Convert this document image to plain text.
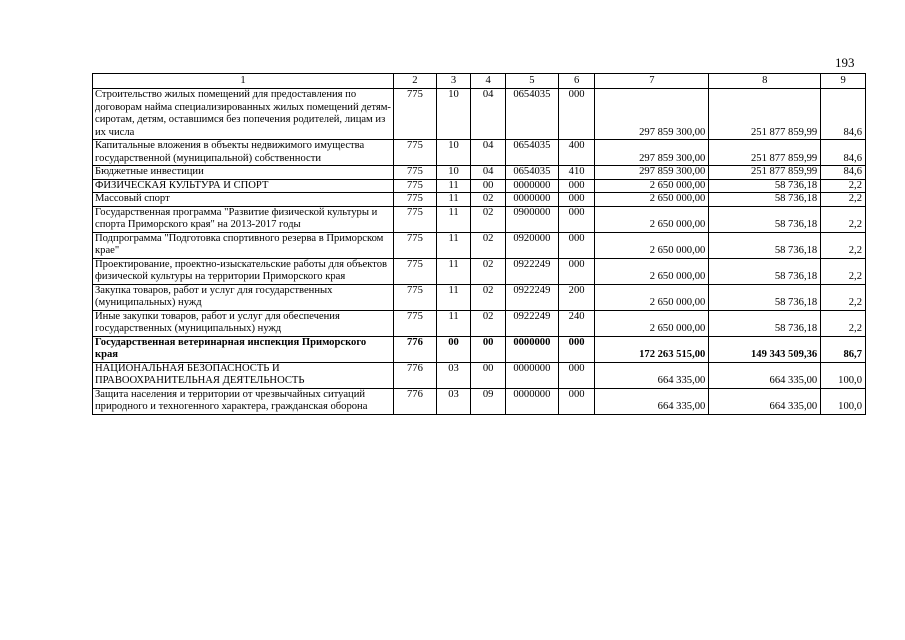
193
1	2	3	4	5	6	7	8	9
Строительство жилых помещений для предоставления по договорам найма специализированных жилых помещений детям-сиротам, детям, оставшимся без попечения родителей, лицам из их числа	775	10	04	0654035	000	297 859 300,00	251 877 859,99	84,6
Капитальные вложения в объекты недвижимого имущества государственной (муниципальной) собственности	775	10	04	0654035	400	297 859 300,00	251 877 859,99	84,6
Бюджетные инвестиции	775	10	04	0654035	410	297 859 300,00	251 877 859,99	84,6
ФИЗИЧЕСКАЯ КУЛЬТУРА И СПОРТ	775	11	00	0000000	000	2 650 000,00	58 736,18	2,2
Массовый спорт	775	11	02	0000000	000	2 650 000,00	58 736,18	2,2
Государственная программа "Развитие физической культуры и спорта Приморского края" на 2013-2017 годы	775	11	02	0900000	000	2 650 000,00	58 736,18	2,2
Подпрограмма "Подготовка спортивного резерва в Приморском крае"	775	11	02	0920000	000	2 650 000,00	58 736,18	2,2
Проектирование, проектно-изыскательские работы для объектов физической культуры на территории Приморского края	775	11	02	0922249	000	2 650 000,00	58 736,18	2,2
Закупка товаров, работ и услуг для государственных (муниципальных) нужд	775	11	02	0922249	200	2 650 000,00	58 736,18	2,2
Иные закупки товаров, работ и услуг для обеспечения государственных (муниципальных) нужд	775	11	02	0922249	240	2 650 000,00	58 736,18	2,2
Государственная ветеринарная инспекция Приморского края	776	00	00	0000000	000	172 263 515,00	149 343 509,36	86,7
НАЦИОНАЛЬНАЯ БЕЗОПАСНОСТЬ И ПРАВООХРАНИТЕЛЬНАЯ ДЕЯТЕЛЬНОСТЬ	776	03	00	0000000	000	664 335,00	664 335,00	100,0
Защита населения и территории от чрезвычайных ситуаций природного и техногенного характера, гражданская оборона	776	03	09	0000000	000	664 335,00	664 335,00	100,0
